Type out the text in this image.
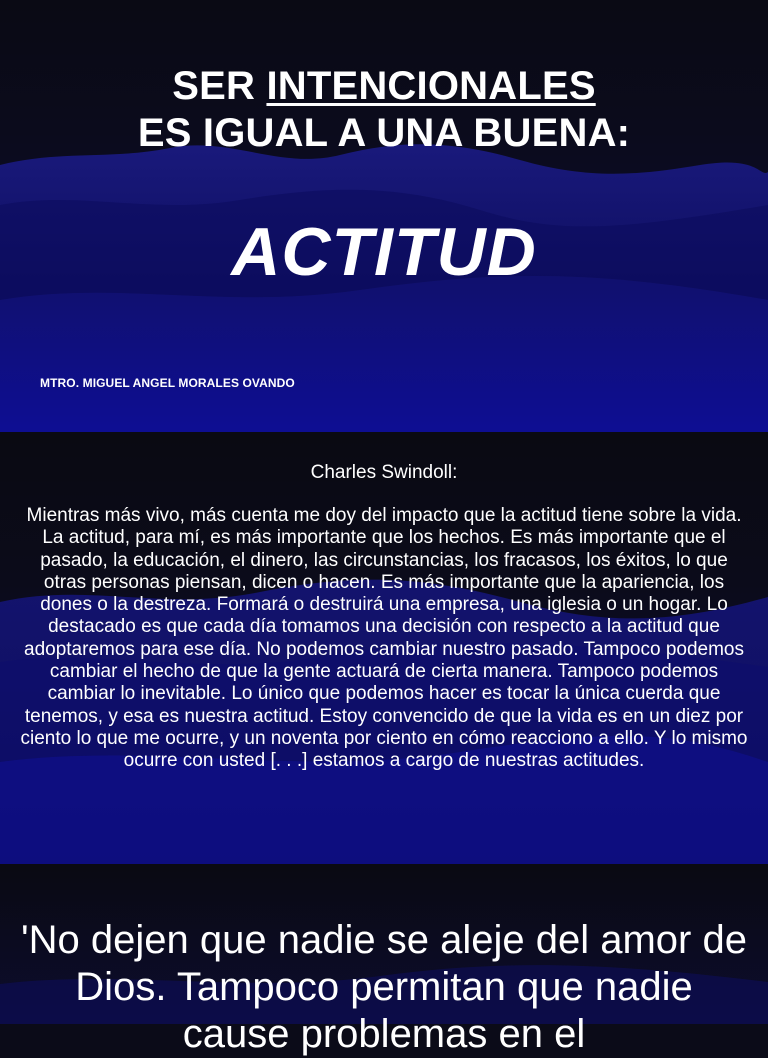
SER INTENCIONALES
ES IGUAL A UNA BUENA:
ACTITUD
MTRO. MIGUEL ANGEL MORALES OVANDO
Charles Swindoll:

Mientras más vivo, más cuenta me doy del impacto que la actitud tiene sobre la vida. La actitud, para mí, es más importante que los hechos. Es más importante que el pasado, la educación, el dinero, las circunstancias, los fracasos, los éxitos, lo que otras personas piensan, dicen o hacen. Es más importante que la apariencia, los dones o la destreza. Formará o destruirá una empresa, una iglesia o un hogar. Lo destacado es que cada día tomamos una decisión con respecto a la actitud que adoptaremos para ese día. No podemos cambiar nuestro pasado. Tampoco podemos cambiar el hecho de que la gente actuará de cierta manera. Tampoco podemos cambiar lo inevitable. Lo único que podemos hacer es tocar la única cuerda que tenemos, y esa es nuestra actitud. Estoy convencido de que la vida es en un diez por ciento lo que me ocurre, y un noventa por ciento en cómo reacciono a ello. Y lo mismo ocurre con usted [. . .] estamos a cargo de nuestras actitudes.

'No dejen que nadie se aleje del amor de Dios. Tampoco permitan que nadie cause problemas en el
